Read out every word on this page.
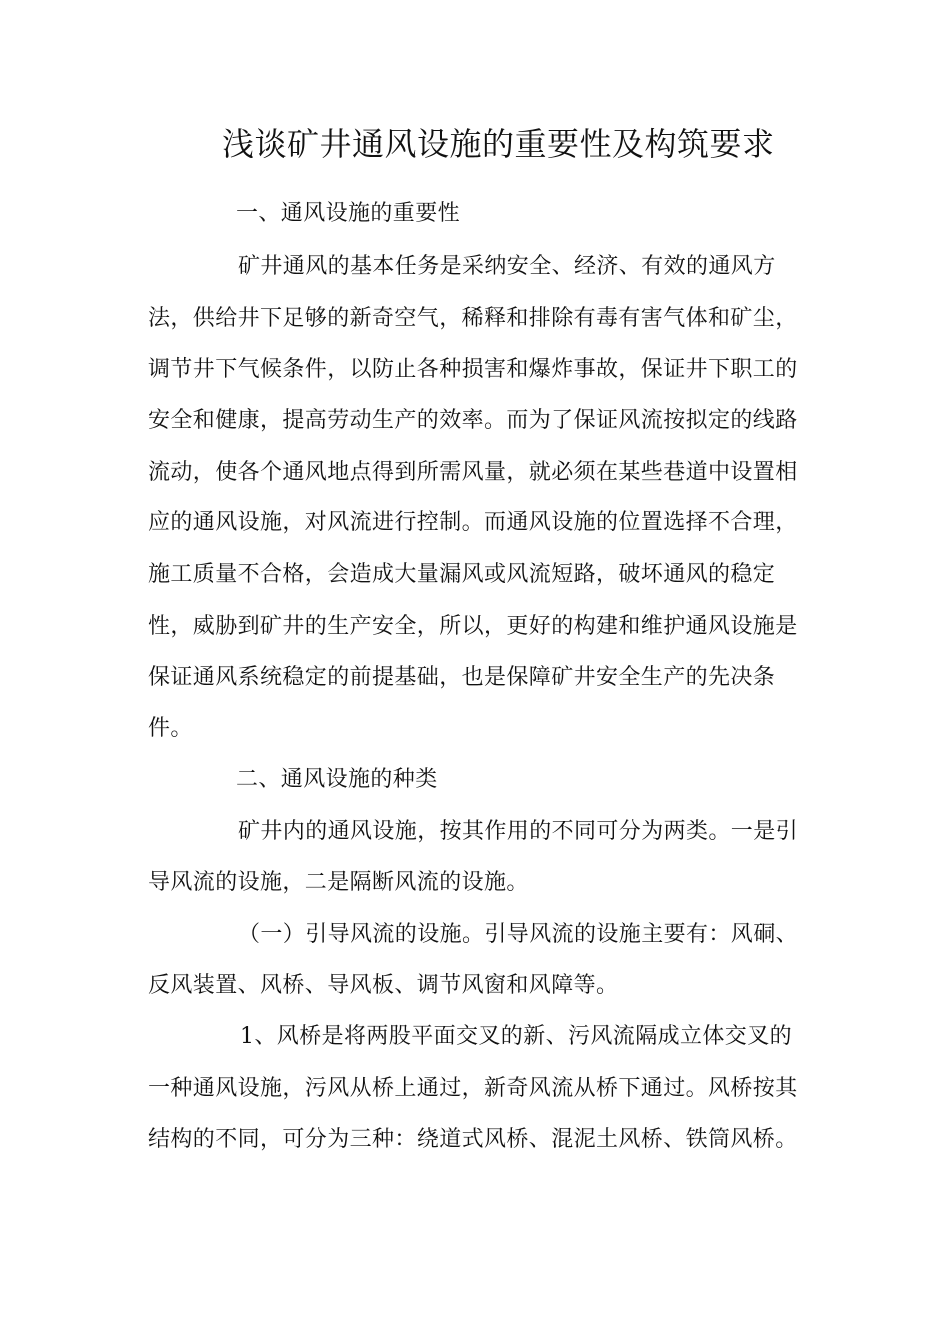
浅谈矿井通风设施的重要性及构筑要求
一、通风设施的重要性
矿井通风的基本任务是采纳安全、经济、有效的通风方
法，供给井下足够的新奇空气，稀释和排除有毒有害气体和矿尘，
调节井下气候条件，以防止各种损害和爆炸事故，保证井下职工的
安全和健康，提高劳动生产的效率。而为了保证风流按拟定的线路
流动，使各个通风地点得到所需风量，就必须在某些巷道中设置相
应的通风设施，对风流进行控制。而通风设施的位置选择不合理，
施工质量不合格，会造成大量漏风或风流短路，破坏通风的稳定
性，威胁到矿井的生产安全，所以，更好的构建和维护通风设施是
保证通风系统稳定的前提基础，也是保障矿井安全生产的先决条
件。
二、通风设施的种类
矿井内的通风设施，按其作用的不同可分为两类。一是引
导风流的设施，二是隔断风流的设施。
（一）引导风流的设施。引导风流的设施主要有：风硐、
反风装置、风桥、导风板、调节风窗和风障等。
1、风桥是将两股平面交叉的新、污风流隔成立体交叉的
一种通风设施，污风从桥上通过，新奇风流从桥下通过。风桥按其
结构的不同，可分为三种：绕道式风桥、混泥土风桥、铁筒风桥。
